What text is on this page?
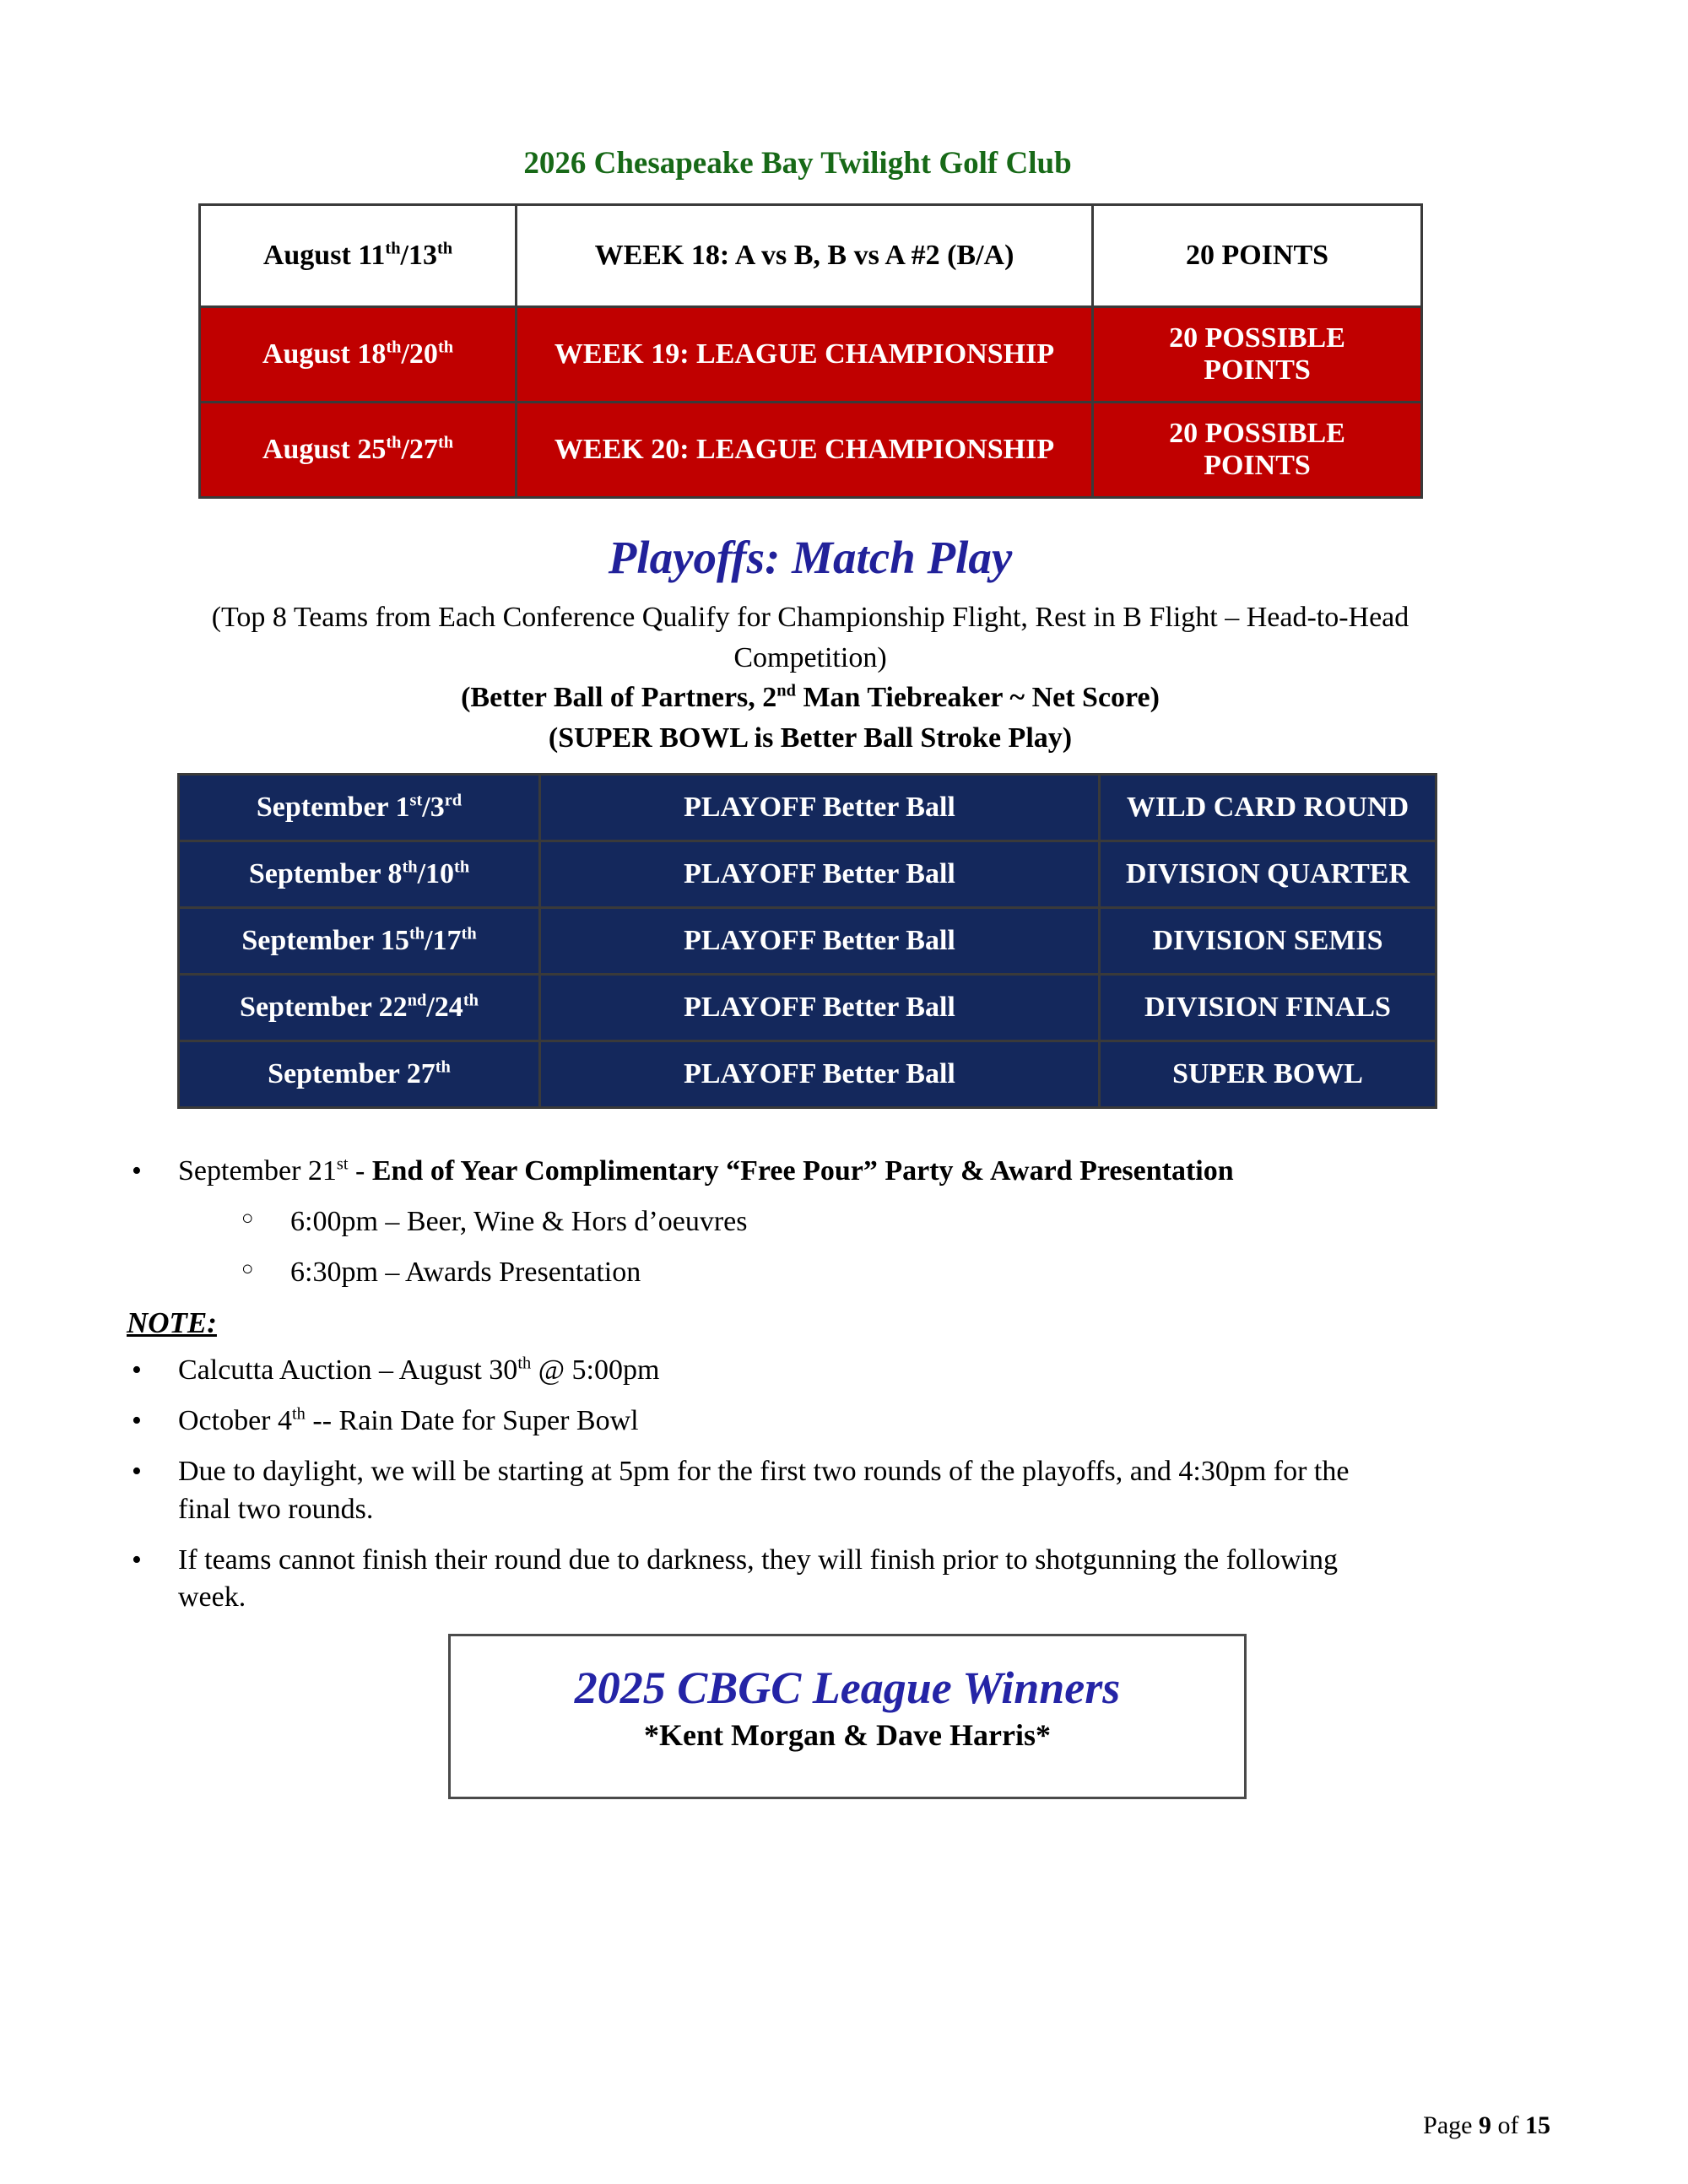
2026 Chesapeake Bay Twilight Golf Club
August 11th/13th	WEEK 18: A vs B, B vs A #2 (B/A)	20 POINTS
August 18th/20th	WEEK 19: LEAGUE CHAMPIONSHIP	20 POSSIBLE
POINTS
August 25th/27th	WEEK 20: LEAGUE CHAMPIONSHIP	20 POSSIBLE
POINTS
Playoffs: Match Play

(Top 8 Teams from Each Conference Qualify for Championship Flight, Rest in B Flight – Head-to-Head
Competition)

(Better Ball of Partners, 2nd Man Tiebreaker ~ Net Score)

(SUPER BOWL is Better Ball Stroke Play)

September 1st/3rd	PLAYOFF Better Ball	WILD CARD ROUND
September 8th/10th	PLAYOFF Better Ball	DIVISION QUARTER
September 15th/17th	PLAYOFF Better Ball	DIVISION SEMIS
September 22nd/24th	PLAYOFF Better Ball	DIVISION FINALS
September 27th	PLAYOFF Better Ball	SUPER BOWL
•	September 21st - End of Year Complimentary “Free Pour” Party & Award Presentation
○	6:00pm – Beer, Wine & Hors d’oeuvres
○	6:30pm – Awards Presentation
NOTE:
•	Calcutta Auction – August 30th @ 5:00pm
•	October 4th -- Rain Date for Super Bowl
•	Due to daylight, we will be starting at 5pm for the first two rounds of the playoffs, and 4:30pm for the
final two rounds.
•	If teams cannot finish their round due to darkness, they will finish prior to shotgunning the following
week.
2025 CBGC League Winners

*Kent Morgan & Dave Harris*

Page 9 of 15
